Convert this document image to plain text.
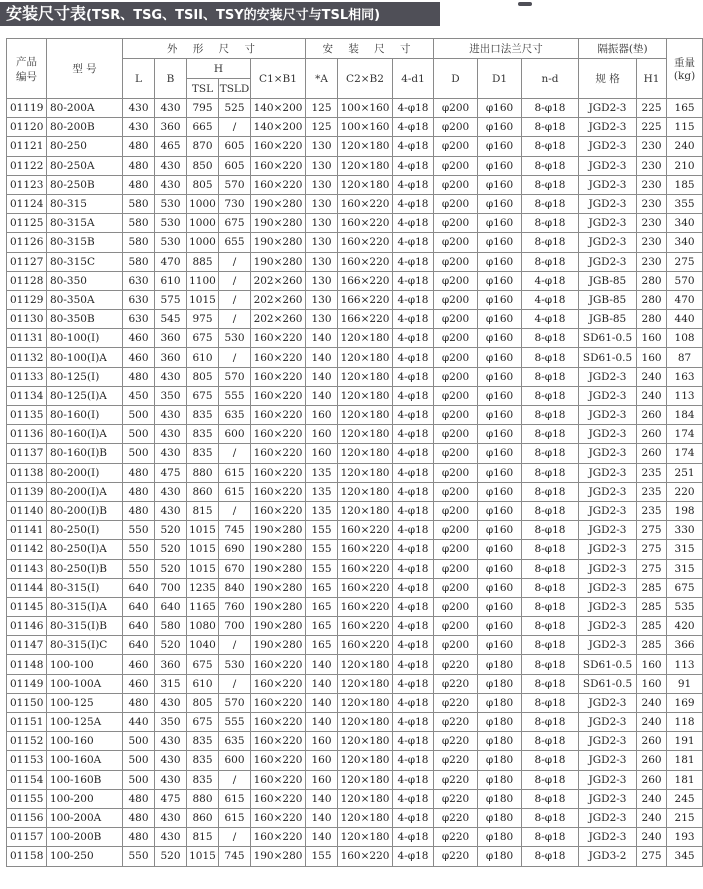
安装尺寸表(TSR、TSG、TSII、TSY的安装尺寸与TSL相同)
产品
编号	型 号	外 形 尺 寸					安 装 尺 寸			进出口法兰尺寸			隔振器(垫)		重量
(kg)
		L	B	H		C1×B1	*A	C2×B2	4-d1	D	D1	n-d	规 格	H1	
				TSL	TSLD										
01119	80-200A	430	430	795	525	140×200	125	100×160	4-φ18	φ200	φ160	8-φ18	JGD2-3	225	165
01120	80-200B	430	360	665	/	140×200	125	100×160	4-φ18	φ200	φ160	8-φ18	JGD2-3	225	115
01121	80-250	480	465	870	605	160×220	130	120×180	4-φ18	φ200	φ160	8-φ18	JGD2-3	230	240
01122	80-250A	480	430	850	605	160×220	130	120×180	4-φ18	φ200	φ160	8-φ18	JGD2-3	230	210
01123	80-250B	480	430	805	570	160×220	130	120×180	4-φ18	φ200	φ160	8-φ18	JGD2-3	230	185
01124	80-315	580	530	1000	730	190×280	130	160×220	4-φ18	φ200	φ160	8-φ18	JGD2-3	230	355
01125	80-315A	580	530	1000	675	190×280	130	160×220	4-φ18	φ200	φ160	8-φ18	JGD2-3	230	340
01126	80-315B	580	530	1000	655	190×280	130	160×220	4-φ18	φ200	φ160	8-φ18	JGD2-3	230	340
01127	80-315C	580	470	885	/	190×280	130	160×220	4-φ18	φ200	φ160	8-φ18	JGD2-3	230	275
01128	80-350	630	610	1100	/	202×260	130	166×220	4-φ18	φ200	φ160	4-φ18	JGB-85	280	570
01129	80-350A	630	575	1015	/	202×260	130	166×220	4-φ18	φ200	φ160	4-φ18	JGB-85	280	470
01130	80-350B	630	545	975	/	202×260	130	166×220	4-φ18	φ200	φ160	4-φ18	JGB-85	280	440
01131	80-100(I)	460	360	675	530	160×220	140	120×180	4-φ18	φ200	φ160	8-φ18	SD61-0.5	160	108
01132	80-100(I)A	460	360	610	/	160×220	140	120×180	4-φ18	φ200	φ160	8-φ18	SD61-0.5	160	87
01133	80-125(I)	480	430	805	570	160×220	140	120×180	4-φ18	φ200	φ160	8-φ18	JGD2-3	240	163
01134	80-125(I)A	450	350	675	555	160×220	140	120×180	4-φ18	φ200	φ160	8-φ18	JGD2-3	240	113
01135	80-160(I)	500	430	835	635	160×220	160	120×180	4-φ18	φ200	φ160	8-φ18	JGD2-3	260	184
01136	80-160(I)A	500	430	835	600	160×220	160	120×180	4-φ18	φ200	φ160	8-φ18	JGD2-3	260	174
01137	80-160(I)B	500	430	835	/	160×220	160	120×180	4-φ18	φ200	φ160	8-φ18	JGD2-3	260	174
01138	80-200(I)	480	475	880	615	160×220	135	120×180	4-φ18	φ200	φ160	8-φ18	JGD2-3	235	251
01139	80-200(I)A	480	430	860	615	160×220	135	120×180	4-φ18	φ200	φ160	8-φ18	JGD2-3	235	220
01140	80-200(I)B	480	430	815	/	160×220	135	120×180	4-φ18	φ200	φ160	8-φ18	JGD2-3	235	198
01141	80-250(I)	550	520	1015	745	190×280	155	160×220	4-φ18	φ200	φ160	8-φ18	JGD2-3	275	330
01142	80-250(I)A	550	520	1015	690	190×280	155	160×220	4-φ18	φ200	φ160	8-φ18	JGD2-3	275	315
01143	80-250(I)B	550	520	1015	670	190×280	155	160×220	4-φ18	φ200	φ160	8-φ18	JGD2-3	275	315
01144	80-315(I)	640	700	1235	840	190×280	165	160×220	4-φ18	φ200	φ160	8-φ18	JGD2-3	285	675
01145	80-315(I)A	640	640	1165	760	190×280	165	160×220	4-φ18	φ200	φ160	8-φ18	JGD2-3	285	535
01146	80-315(I)B	640	580	1080	700	190×280	165	160×220	4-φ18	φ200	φ160	8-φ18	JGD2-3	285	420
01147	80-315(I)C	640	520	1040	/	190×280	165	160×220	4-φ18	φ200	φ160	8-φ18	JGD2-3	285	366
01148	100-100	460	360	675	530	160×220	140	120×180	4-φ18	φ220	φ180	8-φ18	SD61-0.5	160	113
01149	100-100A	460	315	610	/	160×220	140	120×180	4-φ18	φ220	φ180	8-φ18	SD61-0.5	160	91
01150	100-125	480	430	805	570	160×220	140	120×180	4-φ18	φ220	φ180	8-φ18	JGD2-3	240	169
01151	100-125A	440	350	675	555	160×220	140	120×180	4-φ18	φ220	φ180	8-φ18	JGD2-3	240	118
01152	100-160	500	430	835	635	160×220	160	120×180	4-φ18	φ220	φ180	8-φ18	JGD2-3	260	191
01153	100-160A	500	430	835	600	160×220	160	120×180	4-φ18	φ220	φ180	8-φ18	JGD2-3	260	181
01154	100-160B	500	430	835	/	160×220	160	120×180	4-φ18	φ220	φ180	8-φ18	JGD2-3	260	181
01155	100-200	480	475	880	615	160×220	140	120×180	4-φ18	φ220	φ180	8-φ18	JGD2-3	240	245
01156	100-200A	480	430	860	615	160×220	140	120×180	4-φ18	φ220	φ180	8-φ18	JGD2-3	240	215
01157	100-200B	480	430	815	/	160×220	140	120×180	4-φ18	φ220	φ180	8-φ18	JGD2-3	240	193
01158	100-250	550	520	1015	745	190×280	155	160×220	4-φ18	φ220	φ180	8-φ18	JGD3-2	275	345
